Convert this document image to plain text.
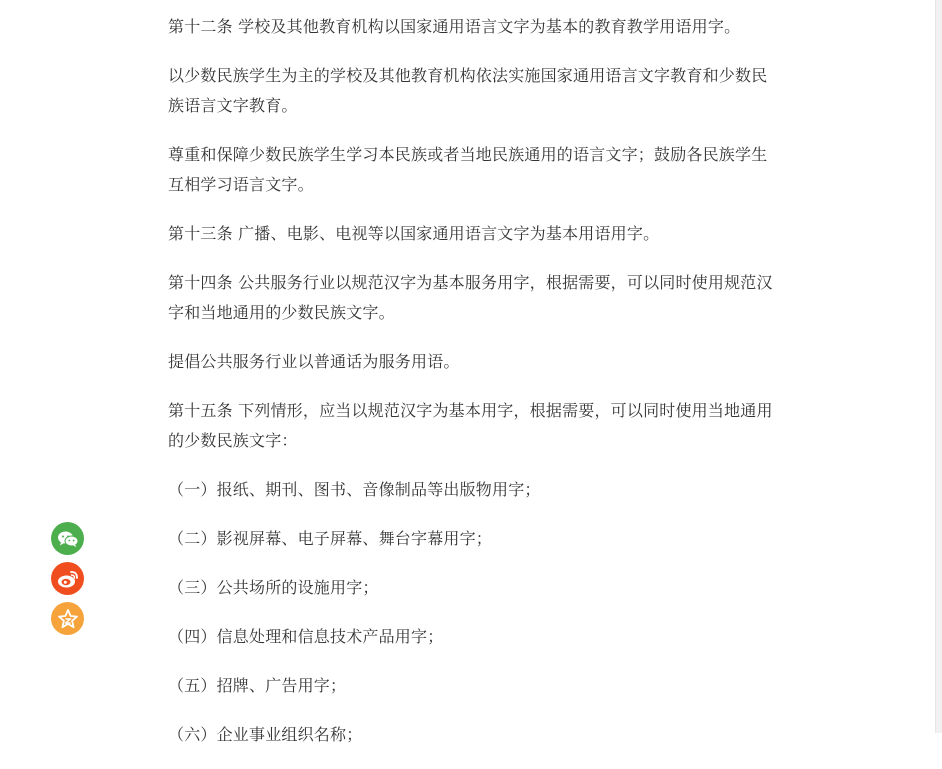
第十二条 学校及其他教育机构以国家通用语言文字为基本的教育教学用语用字。

以少数民族学生为主的学校及其他教育机构依法实施国家通用语言文字教育和少数民族语言文字教育。

尊重和保障少数民族学生学习本民族或者当地民族通用的语言文字；鼓励各民族学生互相学习语言文字。

第十三条 广播、电影、电视等以国家通用语言文字为基本用语用字。

第十四条 公共服务行业以规范汉字为基本服务用字，根据需要，可以同时使用规范汉字和当地通用的少数民族文字。

提倡公共服务行业以普通话为服务用语。

第十五条 下列情形，应当以规范汉字为基本用字，根据需要，可以同时使用当地通用的少数民族文字：

（一）报纸、期刊、图书、音像制品等出版物用字；

（二）影视屏幕、电子屏幕、舞台字幕用字；

（三）公共场所的设施用字；

（四）信息处理和信息技术产品用字；

（五）招牌、广告用字；

（六）企业事业组织名称；
